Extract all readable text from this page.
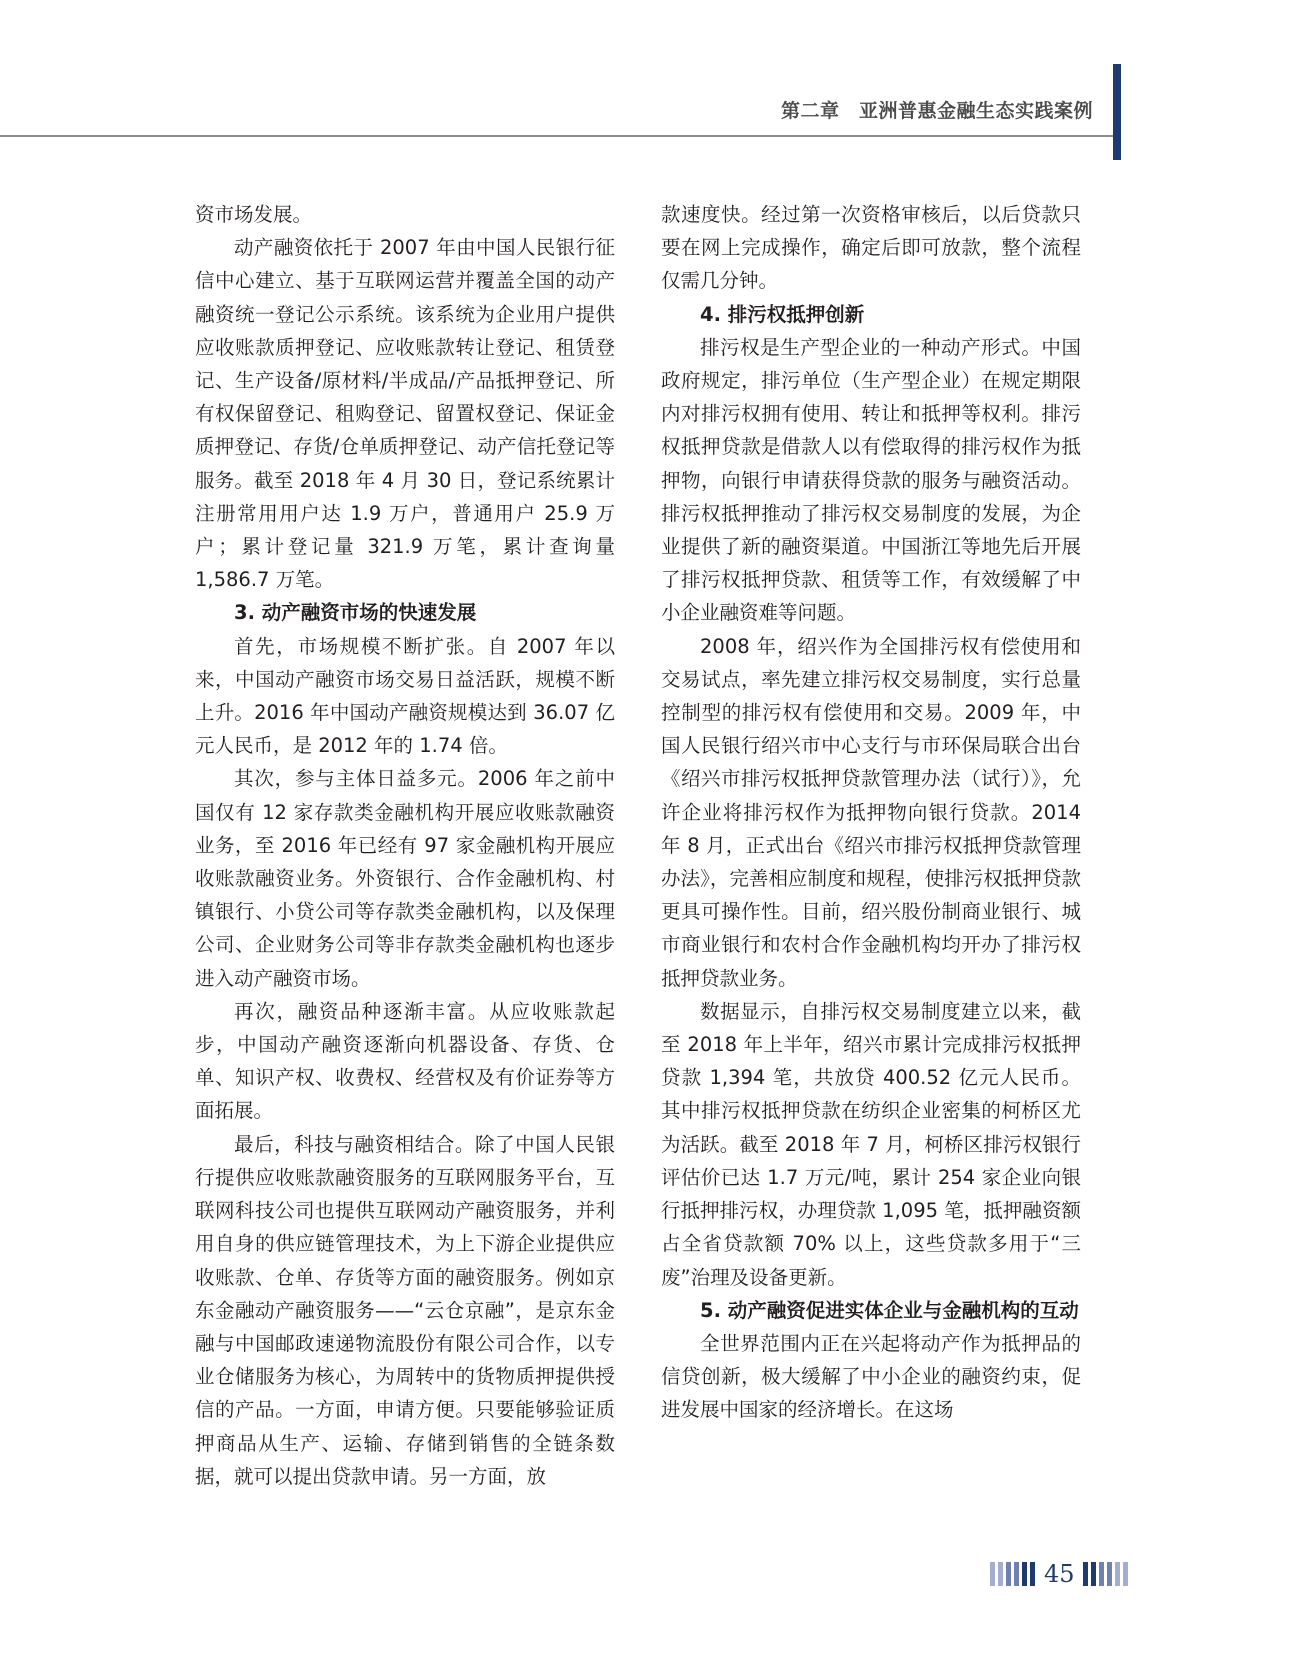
第二章　亚洲普惠金融生态实践案例

资市场发展。

动产融资依托于 2007 年由中国人民银行征信中心建立、基于互联网运营并覆盖全国的动产融资统一登记公示系统。该系统为企业用户提供应收账款质押登记、应收账款转让登记、租赁登记、生产设备/原材料/半成品/产品抵押登记、所有权保留登记、租购登记、留置权登记、保证金质押登记、存货/仓单质押登记、动产信托登记等服务。截至 2018 年 4 月 30 日，登记系统累计注册常用用户达 1.9 万户，普通用户 25.9 万户；累计登记量 321.9 万笔，累计查询量 1,586.7 万笔。

3. 动产融资市场的快速发展

首先，市场规模不断扩张。自 2007 年以来，中国动产融资市场交易日益活跃，规模不断上升。2016 年中国动产融资规模达到 36.07 亿元人民币，是 2012 年的 1.74 倍。

其次，参与主体日益多元。2006 年之前中国仅有 12 家存款类金融机构开展应收账款融资业务，至 2016 年已经有 97 家金融机构开展应收账款融资业务。外资银行、合作金融机构、村镇银行、小贷公司等存款类金融机构，以及保理公司、企业财务公司等非存款类金融机构也逐步进入动产融资市场。

再次，融资品种逐渐丰富。从应收账款起步，中国动产融资逐渐向机器设备、存货、仓单、知识产权、收费权、经营权及有价证券等方面拓展。

最后，科技与融资相结合。除了中国人民银行提供应收账款融资服务的互联网服务平台，互联网科技公司也提供互联网动产融资服务，并利用自身的供应链管理技术，为上下游企业提供应收账款、仓单、存货等方面的融资服务。例如京东金融动产融资服务——“云仓京融”，是京东金融与中国邮政速递物流股份有限公司合作，以专业仓储服务为核心，为周转中的货物质押提供授信的产品。一方面，申请方便。只要能够验证质押商品从生产、运输、存储到销售的全链条数据，就可以提出贷款申请。另一方面，放

款速度快。经过第一次资格审核后，以后贷款只要在网上完成操作，确定后即可放款，整个流程仅需几分钟。

4. 排污权抵押创新

排污权是生产型企业的一种动产形式。中国政府规定，排污单位（生产型企业）在规定期限内对排污权拥有使用、转让和抵押等权利。排污权抵押贷款是借款人以有偿取得的排污权作为抵押物，向银行申请获得贷款的服务与融资活动。排污权抵押推动了排污权交易制度的发展，为企业提供了新的融资渠道。中国浙江等地先后开展了排污权抵押贷款、租赁等工作，有效缓解了中小企业融资难等问题。

2008 年，绍兴作为全国排污权有偿使用和交易试点，率先建立排污权交易制度，实行总量控制型的排污权有偿使用和交易。2009 年，中国人民银行绍兴市中心支行与市环保局联合出台《绍兴市排污权抵押贷款管理办法（试行）》，允许企业将排污权作为抵押物向银行贷款。2014 年 8 月，正式出台《绍兴市排污权抵押贷款管理办法》，完善相应制度和规程，使排污权抵押贷款更具可操作性。目前，绍兴股份制商业银行、城市商业银行和农村合作金融机构均开办了排污权抵押贷款业务。

数据显示，自排污权交易制度建立以来，截至 2018 年上半年，绍兴市累计完成排污权抵押贷款 1,394 笔，共放贷 400.52 亿元人民币。其中排污权抵押贷款在纺织企业密集的柯桥区尤为活跃。截至 2018 年 7 月，柯桥区排污权银行评估价已达 1.7 万元/吨，累计 254 家企业向银行抵押排污权，办理贷款 1,095 笔，抵押融资额占全省贷款额 70% 以上，这些贷款多用于“三废”治理及设备更新。

5. 动产融资促进实体企业与金融机构的互动

全世界范围内正在兴起将动产作为抵押品的信贷创新，极大缓解了中小企业的融资约束，促进发展中国家的经济增长。在这场

45
